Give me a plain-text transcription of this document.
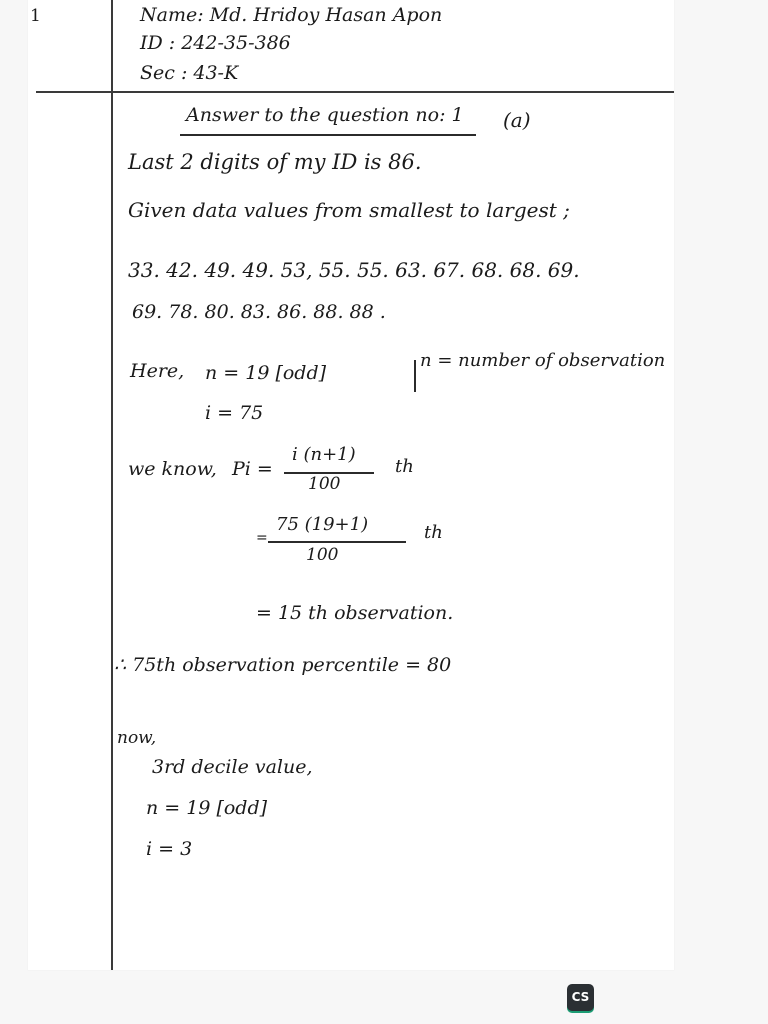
1	Name: Md. Hridoy Hasan Apon
ID : 242-35-386
Sec : 43-K
Answer to the question no: 1 (a)
Last 2 digits of my ID is 86.
Given data values from smallest to largest ;
33. 42. 49. 49. 53, 55. 55. 63. 67. 68. 68. 69.
69. 78. 80. 83. 86. 88. 88 .
Here, n = 19 [odd]
n = number of observation
i = 75
we know, Pi =
i (n+1)
100
th
=
75 (19+1)
100
th
= 15 th observation.
∴ 75th observation percentile = 80
now,
3rd decile value,
n = 19 [odd]
i = 3
CS
